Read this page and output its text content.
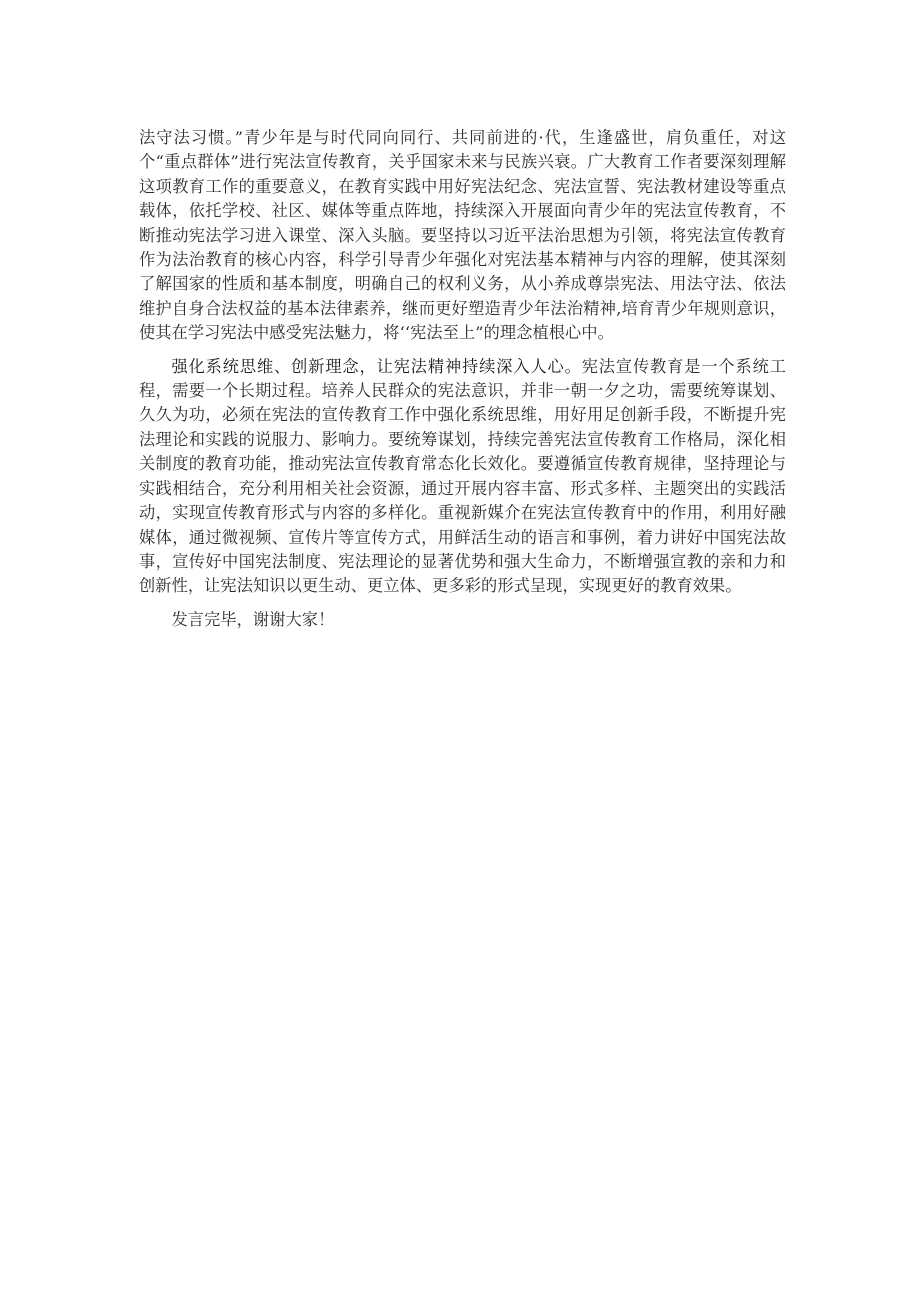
法守法习惯。”青少年是与时代同向同行、共同前进的·代，生逢盛世，肩负重任，对这个“重点群体”进行宪法宣传教育，关乎国家未来与民族兴衰。广大教育工作者要深刻理解这项教育工作的重要意义，在教育实践中用好宪法纪念、宪法宣誓、宪法教材建设等重点载体，依托学校、社区、媒体等重点阵地，持续深入开展面向青少年的宪法宣传教育，不断推动宪法学习进入课堂、深入头脑。要坚持以习近平法治思想为引领，将宪法宣传教育作为法治教育的核心内容，科学引导青少年强化对宪法基本精神与内容的理解，使其深刻了解国家的性质和基本制度，明确自己的权利义务，从小养成尊崇宪法、用法守法、依法维护自身合法权益的基本法律素养，继而更好塑造青少年法治精神,培育青少年规则意识，使其在学习宪法中感受宪法魅力，将‘‘宪法至上”的理念植根心中。

强化系统思维、创新理念，让宪法精神持续深入人心。宪法宣传教育是一个系统工程，需要一个长期过程。培养人民群众的宪法意识，并非一朝一夕之功，需要统筹谋划、久久为功，必须在宪法的宣传教育工作中强化系统思维，用好用足创新手段，不断提升宪法理论和实践的说服力、影响力。要统筹谋划，持续完善宪法宣传教育工作格局，深化相关制度的教育功能，推动宪法宣传教育常态化长效化。要遵循宣传教育规律，坚持理论与实践相结合，充分利用相关社会资源，通过开展内容丰富、形式多样、主题突出的实践活动，实现宣传教育形式与内容的多样化。重视新媒介在宪法宣传教育中的作用，利用好融媒体，通过微视频、宣传片等宣传方式，用鲜活生动的语言和事例，着力讲好中国宪法故事，宣传好中国宪法制度、宪法理论的显著优势和强大生命力，不断增强宣教的亲和力和创新性，让宪法知识以更生动、更立体、更多彩的形式呈现，实现更好的教育效果。

发言完毕，谢谢大家！
